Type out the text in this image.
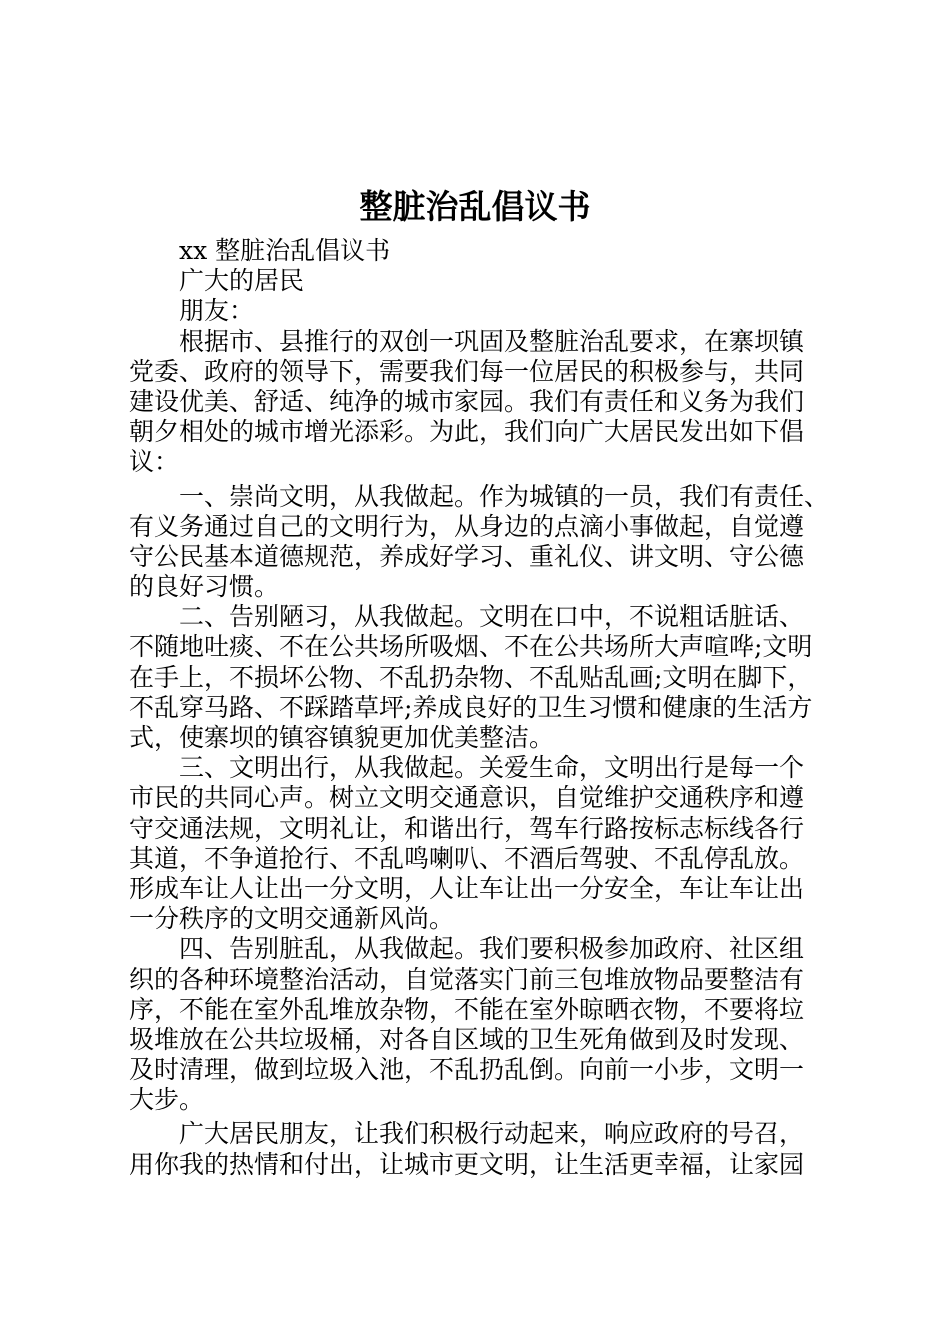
整脏治乱倡议书
xx 整脏治乱倡议书
广大的居民
朋友：
根据市、县推行的双创一巩固及整脏治乱要求，在寨坝镇
党委、政府的领导下，需要我们每一位居民的积极参与，共同
建设优美、舒适、纯净的城市家园。我们有责任和义务为我们
朝夕相处的城市增光添彩。为此，我们向广大居民发出如下倡
议：
一、崇尚文明，从我做起。作为城镇的一员，我们有责任、
有义务通过自己的文明行为，从身边的点滴小事做起，自觉遵
守公民基本道德规范，养成好学习、重礼仪、讲文明、守公德
的良好习惯。
二、告别陋习，从我做起。文明在口中，不说粗话脏话、
不随地吐痰、不在公共场所吸烟、不在公共场所大声喧哗;文明
在手上，不损坏公物、不乱扔杂物、不乱贴乱画;文明在脚下，
不乱穿马路、不踩踏草坪;养成良好的卫生习惯和健康的生活方
式，使寨坝的镇容镇貌更加优美整洁。
三、文明出行，从我做起。关爱生命，文明出行是每一个
市民的共同心声。树立文明交通意识，自觉维护交通秩序和遵
守交通法规，文明礼让，和谐出行，驾车行路按标志标线各行
其道，不争道抢行、不乱鸣喇叭、不酒后驾驶、不乱停乱放。
形成车让人让出一分文明，人让车让出一分安全，车让车让出
一分秩序的文明交通新风尚。
四、告别脏乱，从我做起。我们要积极参加政府、社区组
织的各种环境整治活动，自觉落实门前三包堆放物品要整洁有
序，不能在室外乱堆放杂物，不能在室外晾晒衣物，不要将垃
圾堆放在公共垃圾桶，对各自区域的卫生死角做到及时发现、
及时清理，做到垃圾入池，不乱扔乱倒。向前一小步，文明一
大步。
广大居民朋友，让我们积极行动起来，响应政府的号召，
用你我的热情和付出，让城市更文明，让生活更幸福，让家园
